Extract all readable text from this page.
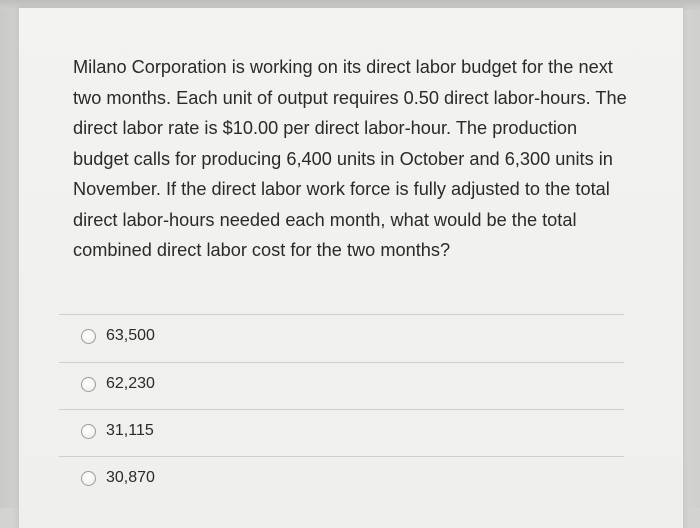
Milano Corporation is working on its direct labor budget for the next two months. Each unit of output requires 0.50 direct labor-hours. The direct labor rate is $10.00 per direct labor-hour. The production budget calls for producing 6,400 units in October and 6,300 units in November. If the direct labor work force is fully adjusted to the total direct labor-hours needed each month, what would be the total combined direct labor cost for the two months?

63,500
62,230
31,115
30,870
